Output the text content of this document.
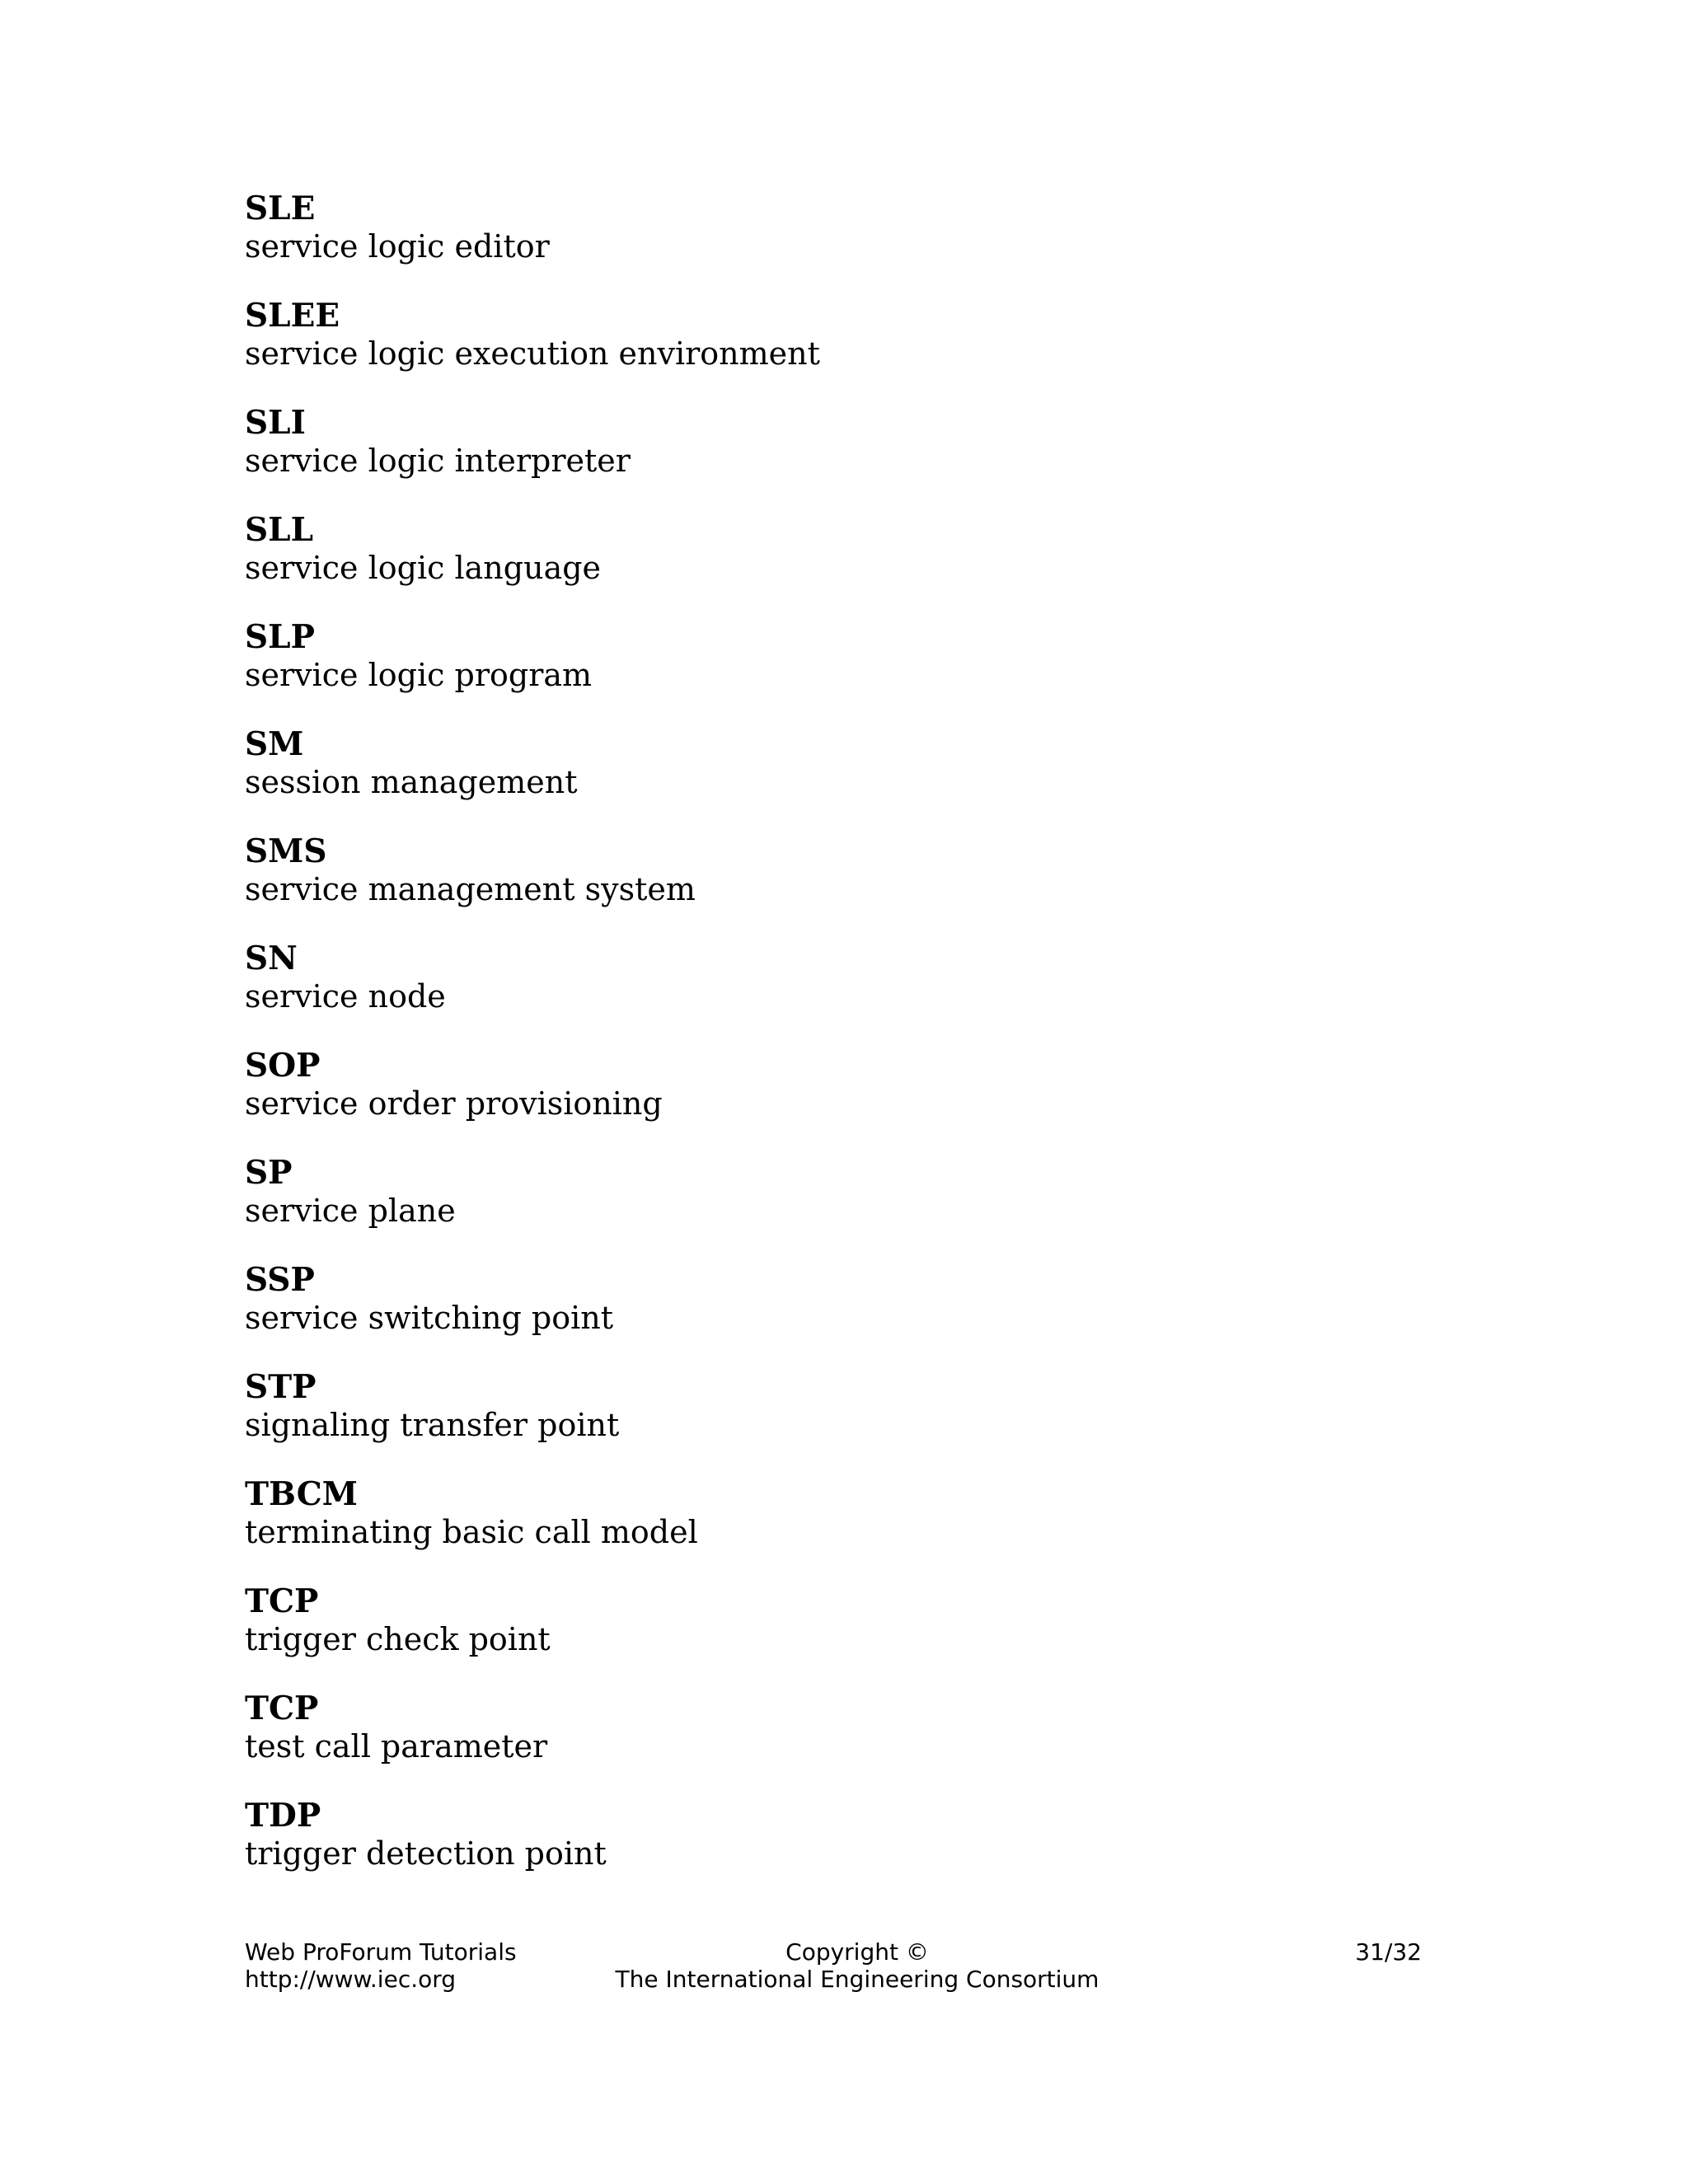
SLE
service logic editor
SLEE
service logic execution environment
SLI
service logic interpreter
SLL
service logic language
SLP
service logic program
SM
session management
SMS
service management system
SN
service node
SOP
service order provisioning
SP
service plane
SSP
service switching point
STP
signaling transfer point
TBCM
terminating basic call model
TCP
trigger check point
TCP
test call parameter
TDP
trigger detection point
Web ProForum Tutorials
http://www.iec.org
Copyright ©
The International Engineering Consortium
31/32
